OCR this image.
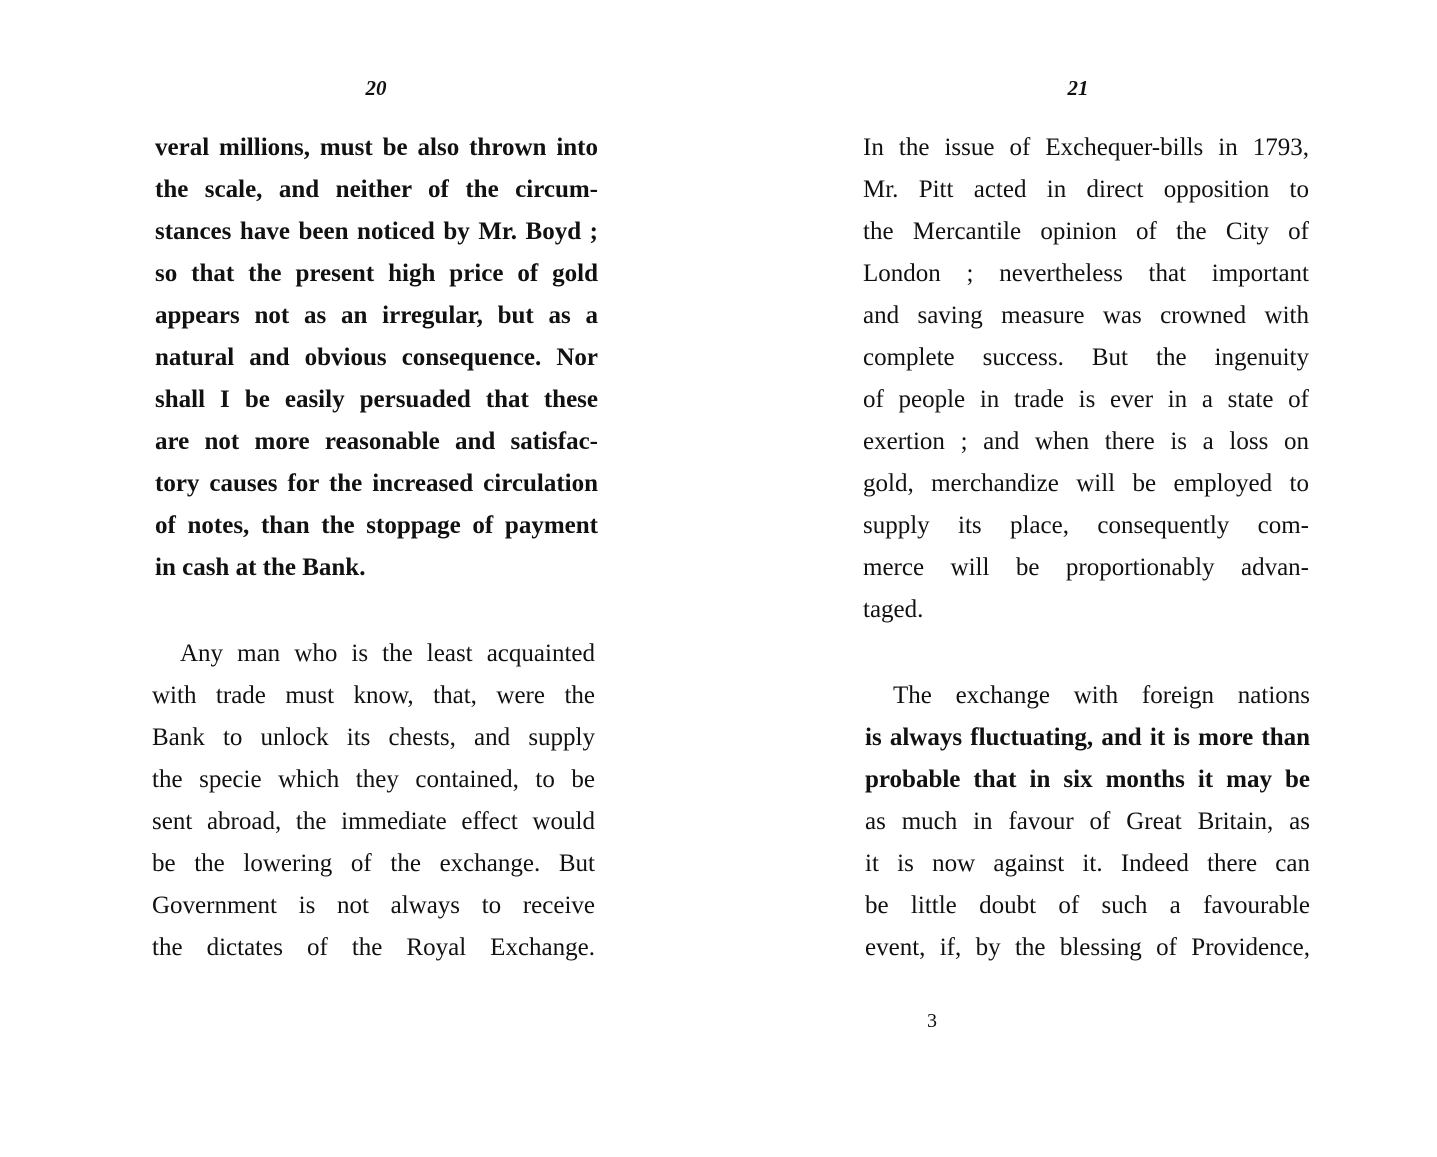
20
veral millions, must be also thrown into
the scale, and neither of the circum-
stances have been noticed by Mr. Boyd ;
so that the present high price of gold
appears not as an irregular, but as a
natural and obvious consequence. Nor
shall I be easily persuaded that these
are not more reasonable and satisfac-
tory causes for the increased circulation
of notes, than the stoppage of payment
in cash at the Bank.
Any man who is the least acquainted
with trade must know, that, were the
Bank to unlock its chests, and supply
the specie which they contained, to be
sent abroad, the immediate effect would
be the lowering of the exchange. But
Government is not always to receive
the dictates of the Royal Exchange.
21
In the issue of Exchequer-bills in 1793,
Mr. Pitt acted in direct opposition to
the Mercantile opinion of the City of
London ; nevertheless that important
and saving measure was crowned with
complete success. But the ingenuity
of people in trade is ever in a state of
exertion ; and when there is a loss on
gold, merchandize will be employed to
supply its place, consequently com-
merce will be proportionably advan-
taged.
The exchange with foreign nations
is always fluctuating, and it is more than
probable that in six months it may be
as much in favour of Great Britain, as
it is now against it. Indeed there can
be little doubt of such a favourable
event, if, by the blessing of Providence,
3
